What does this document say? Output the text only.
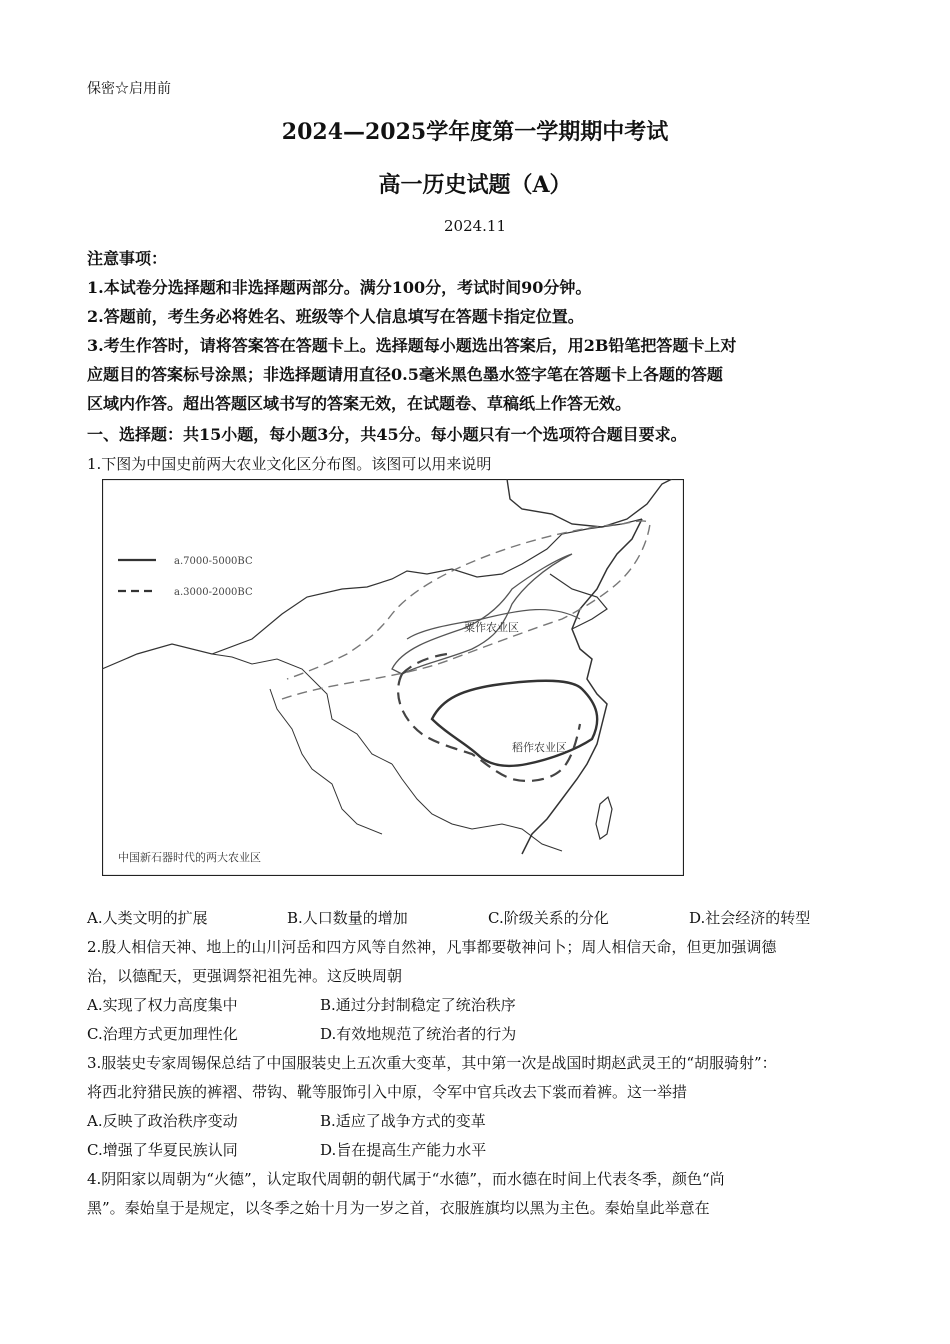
保密☆启用前
2024—2025学年度第一学期期中考试
高一历史试题（A）
2024.11
注意事项：
1.本试卷分选择题和非选择题两部分。满分100分，考试时间90分钟。
2.答题前，考生务必将姓名、班级等个人信息填写在答题卡指定位置。
3.考生作答时，请将答案答在答题卡上。选择题每小题选出答案后，用2B铅笔把答题卡上对
应题目的答案标号涂黑；非选择题请用直径0.5毫米黑色墨水签字笔在答题卡上各题的答题
区域内作答。超出答题区域书写的答案无效，在试题卷、草稿纸上作答无效。
一、选择题：共15小题，每小题3分，共45分。每小题只有一个选项符合题目要求。
1.下图为中国史前两大农业文化区分布图。该图可以用来说明
a.7000-5000BC
a.3000-2000BC
粟作农业区
稻作农业区
中国新石器时代的两大农业区
A.人类文明的扩展	B.人口数量的增加	C.阶级关系的分化	D.社会经济的转型
2.殷人相信天神、地上的山川河岳和四方风等自然神，凡事都要敬神问卜；周人相信天命，但更加强调德
治，以德配天，更强调祭祀祖先神。这反映周朝
A.实现了权力高度集中	B.通过分封制稳定了统治秩序
C.治理方式更加理性化	D.有效地规范了统治者的行为
3.服装史专家周锡保总结了中国服装史上五次重大变革，其中第一次是战国时期赵武灵王的“胡服骑射”：
将西北狩猎民族的裤褶、带钩、靴等服饰引入中原，令军中官兵改去下裳而着裤。这一举措
A.反映了政治秩序变动	B.适应了战争方式的变革
C.增强了华夏民族认同	D.旨在提高生产能力水平
4.阴阳家以周朝为“火德”，认定取代周朝的朝代属于“水德”，而水德在时间上代表冬季，颜色“尚
黑”。秦始皇于是规定，以冬季之始十月为一岁之首，衣服旌旗均以黑为主色。秦始皇此举意在
